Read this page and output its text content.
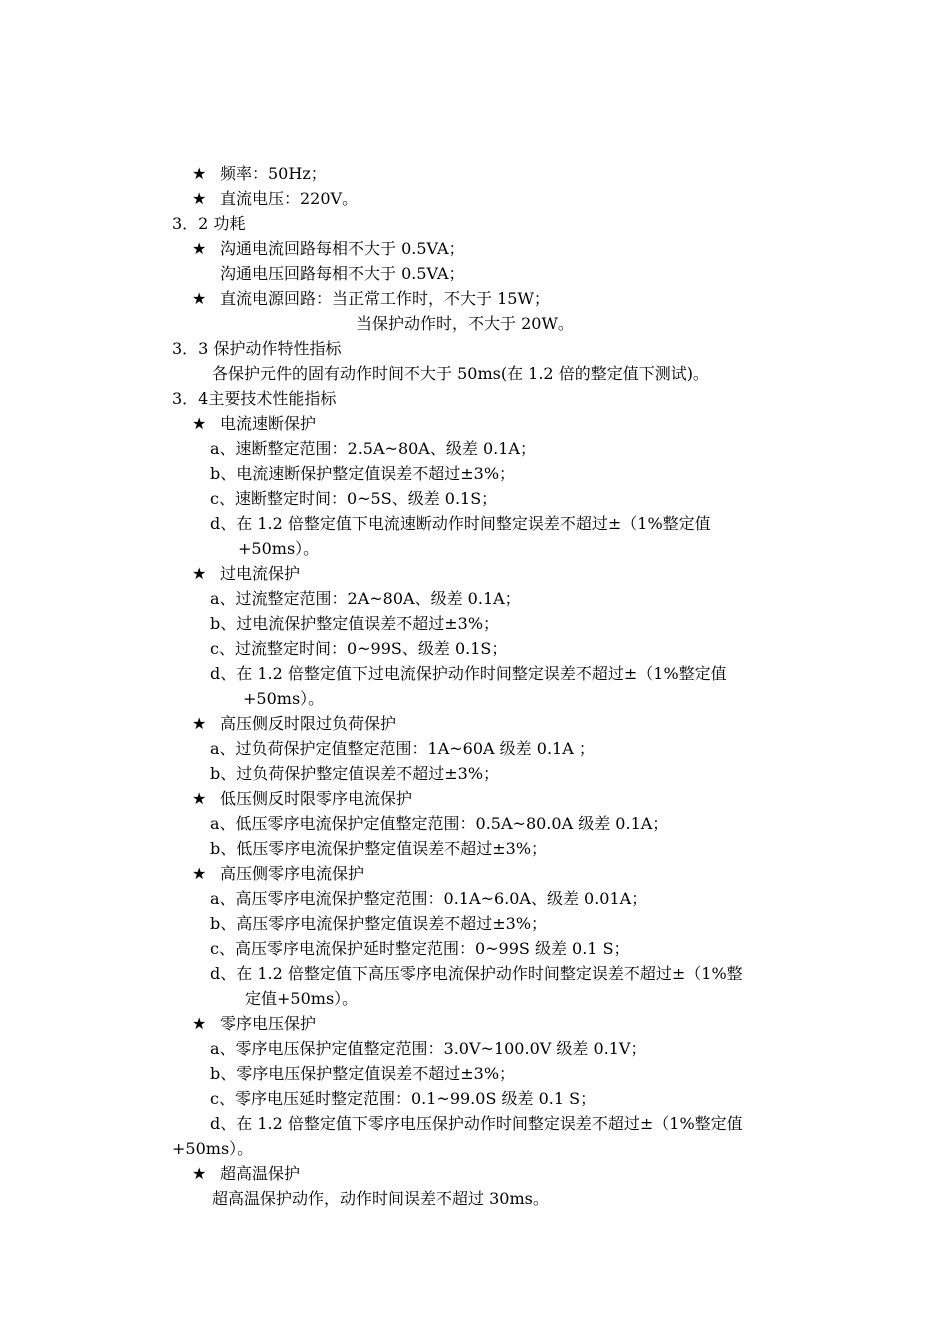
★ 频率：50Hz；
★ 直流电压：220V。
3．2 功耗
★ 沟通电流回路每相不大于 0.5VA；
沟通电压回路每相不大于 0.5VA；
★ 直流电源回路：当正常工作时，不大于 15W；
当保护动作时，不大于 20W。
3．3 保护动作特性指标
各保护元件的固有动作时间不大于 50ms(在 1.2 倍的整定值下测试)。
3．4主要技术性能指标
★ 电流速断保护
a、速断整定范围：2.5A~80A、级差 0.1A；
b、电流速断保护整定值误差不超过±3%；
c、速断整定时间：0~5S、级差 0.1S；
d、在 1.2 倍整定值下电流速断动作时间整定误差不超过±（1%整定值
+50ms）。
★ 过电流保护
a、过流整定范围：2A~80A、级差 0.1A；
b、过电流保护整定值误差不超过±3%；
c、过流整定时间：0~99S、级差 0.1S；
d、在 1.2 倍整定值下过电流保护动作时间整定误差不超过±（1%整定值
+50ms）。
★ 高压侧反时限过负荷保护
a、过负荷保护定值整定范围：1A~60A 级差 0.1A ；
b、过负荷保护整定值误差不超过±3%；
★ 低压侧反时限零序电流保护
a、低压零序电流保护定值整定范围：0.5A~80.0A 级差 0.1A；
b、低压零序电流保护整定值误差不超过±3%；
★ 高压侧零序电流保护
a、高压零序电流保护整定范围：0.1A~6.0A、级差 0.01A；
b、高压零序电流保护整定值误差不超过±3%；
c、高压零序电流保护延时整定范围：0~99S 级差 0.1 S；
d、在 1.2 倍整定值下高压零序电流保护动作时间整定误差不超过±（1%整
定值+50ms）。
★ 零序电压保护
a、零序电压保护定值整定范围：3.0V~100.0V 级差 0.1V；
b、零序电压保护整定值误差不超过±3%；
c、零序电压延时整定范围：0.1~99.0S 级差 0.1 S；
d、在 1.2 倍整定值下零序电压保护动作时间整定误差不超过±（1%整定值
+50ms）。
★ 超高温保护
超高温保护动作，动作时间误差不超过 30ms。
